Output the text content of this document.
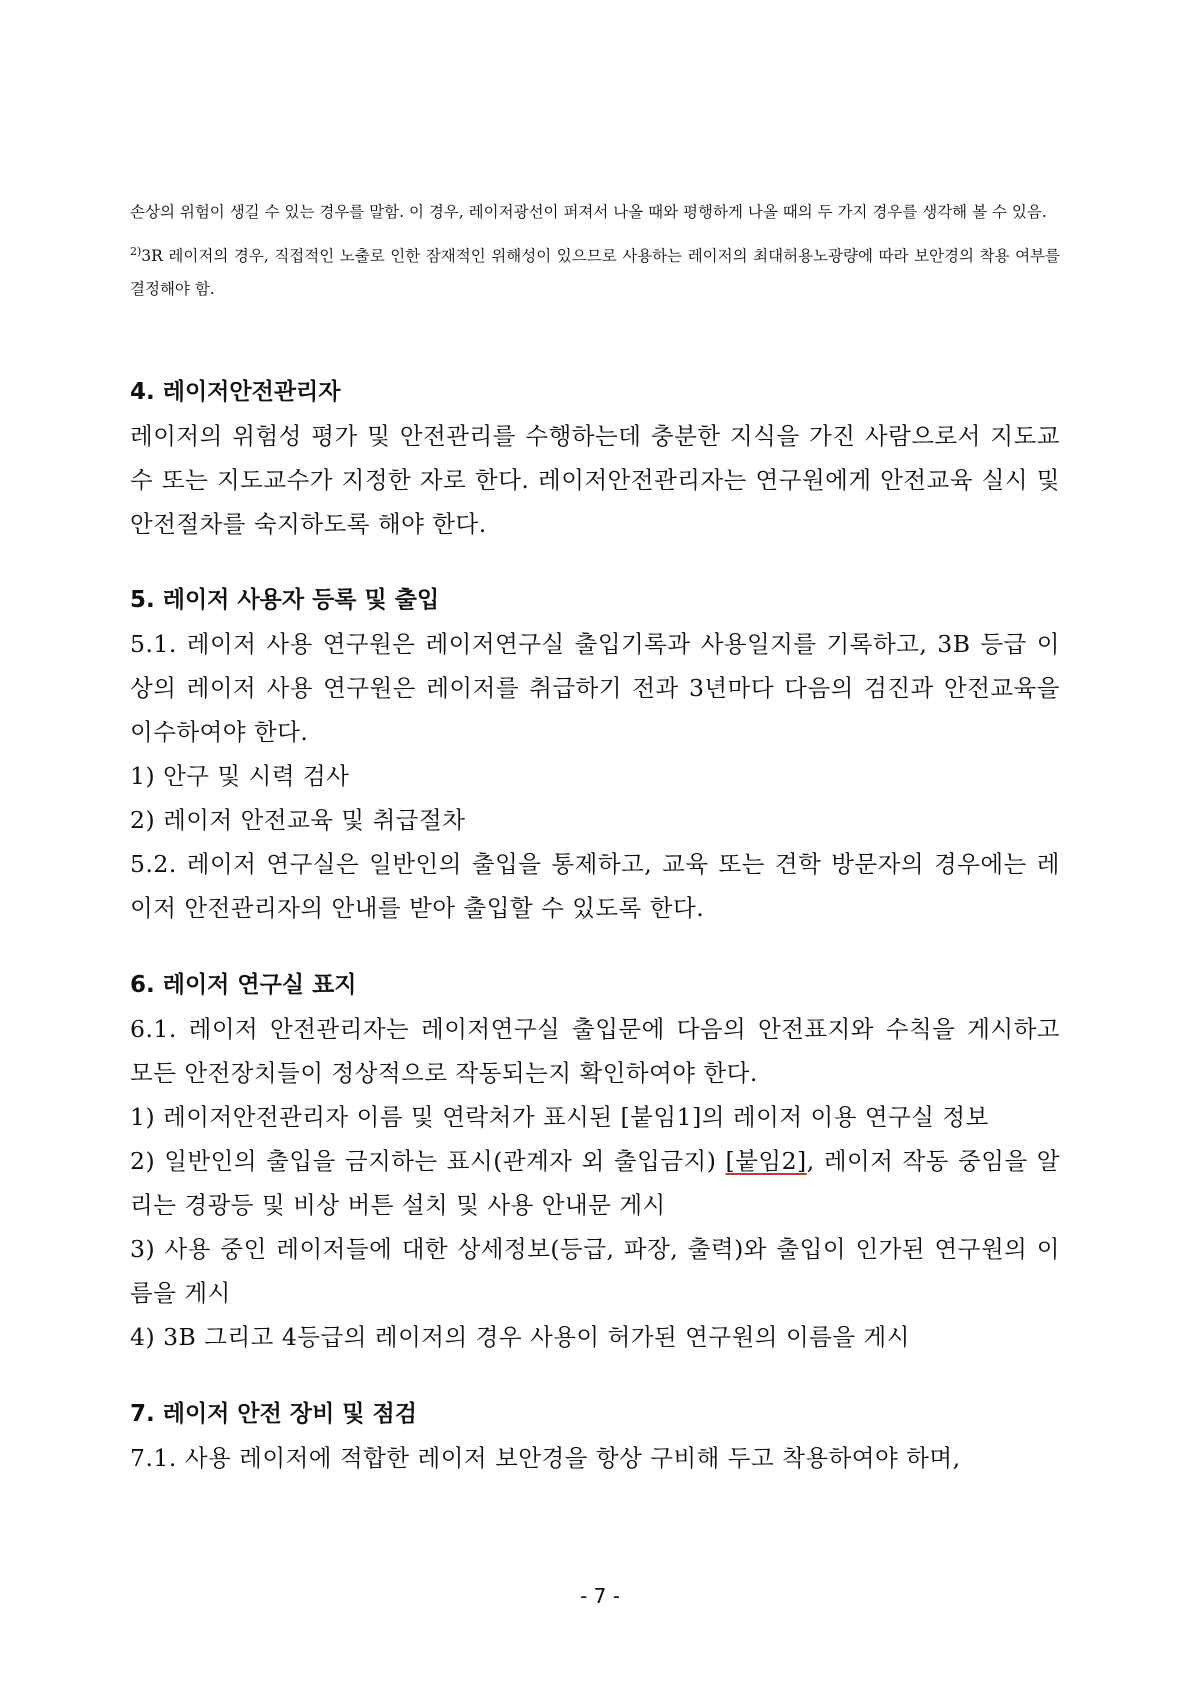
손상의 위험이 생길 수 있는 경우를 말함. 이 경우, 레이저광선이 퍼져서 나올 때와 평행하게 나올 때의 두 가지 경우를 생각해 볼 수 있음.

$^{2)}$3R 레이저의 경우, 직접적인 노출로 인한 잠재적인 위해성이 있으므로 사용하는 레이저의 최대허용노광량에 따라 보안경의 착용 여부를 결정해야 함.

4. 레이저안전관리자

레이저의 위험성 평가 및 안전관리를 수행하는데 충분한 지식을 가진 사람으로서 지도교수 또는 지도교수가 지정한 자로 한다. 레이저안전관리자는 연구원에게 안전교육 실시 및 안전절차를 숙지하도록 해야 한다.

5. 레이저 사용자 등록 및 출입

5.1. 레이저 사용 연구원은 레이저연구실 출입기록과 사용일지를 기록하고, 3B 등급 이상의 레이저 사용 연구원은 레이저를 취급하기 전과 3년마다 다음의 검진과 안전교육을 이수하여야 한다.

1) 안구 및 시력 검사

2) 레이저 안전교육 및 취급절차

5.2. 레이저 연구실은 일반인의 출입을 통제하고, 교육 또는 견학 방문자의 경우에는 레이저 안전관리자의 안내를 받아 출입할 수 있도록 한다.

6. 레이저 연구실 표지

6.1. 레이저 안전관리자는 레이저연구실 출입문에 다음의 안전표지와 수칙을 게시하고 모든 안전장치들이 정상적으로 작동되는지 확인하여야 한다.

1) 레이저안전관리자 이름 및 연락처가 표시된 [붙임1]의 레이저 이용 연구실 정보

2) 일반인의 출입을 금지하는 표시(관계자 외 출입금지) [붙임2], 레이저 작동 중임을 알리는 경광등 및 비상 버튼 설치 및 사용 안내문 게시

3) 사용 중인 레이저들에 대한 상세정보(등급, 파장, 출력)와 출입이 인가된 연구원의 이름을 게시

4) 3B 그리고 4등급의 레이저의 경우 사용이 허가된 연구원의 이름을 게시

7. 레이저 안전 장비 및 점검

7.1. 사용 레이저에 적합한 레이저 보안경을 항상 구비해 두고 착용하여야 하며,

- 7 -
